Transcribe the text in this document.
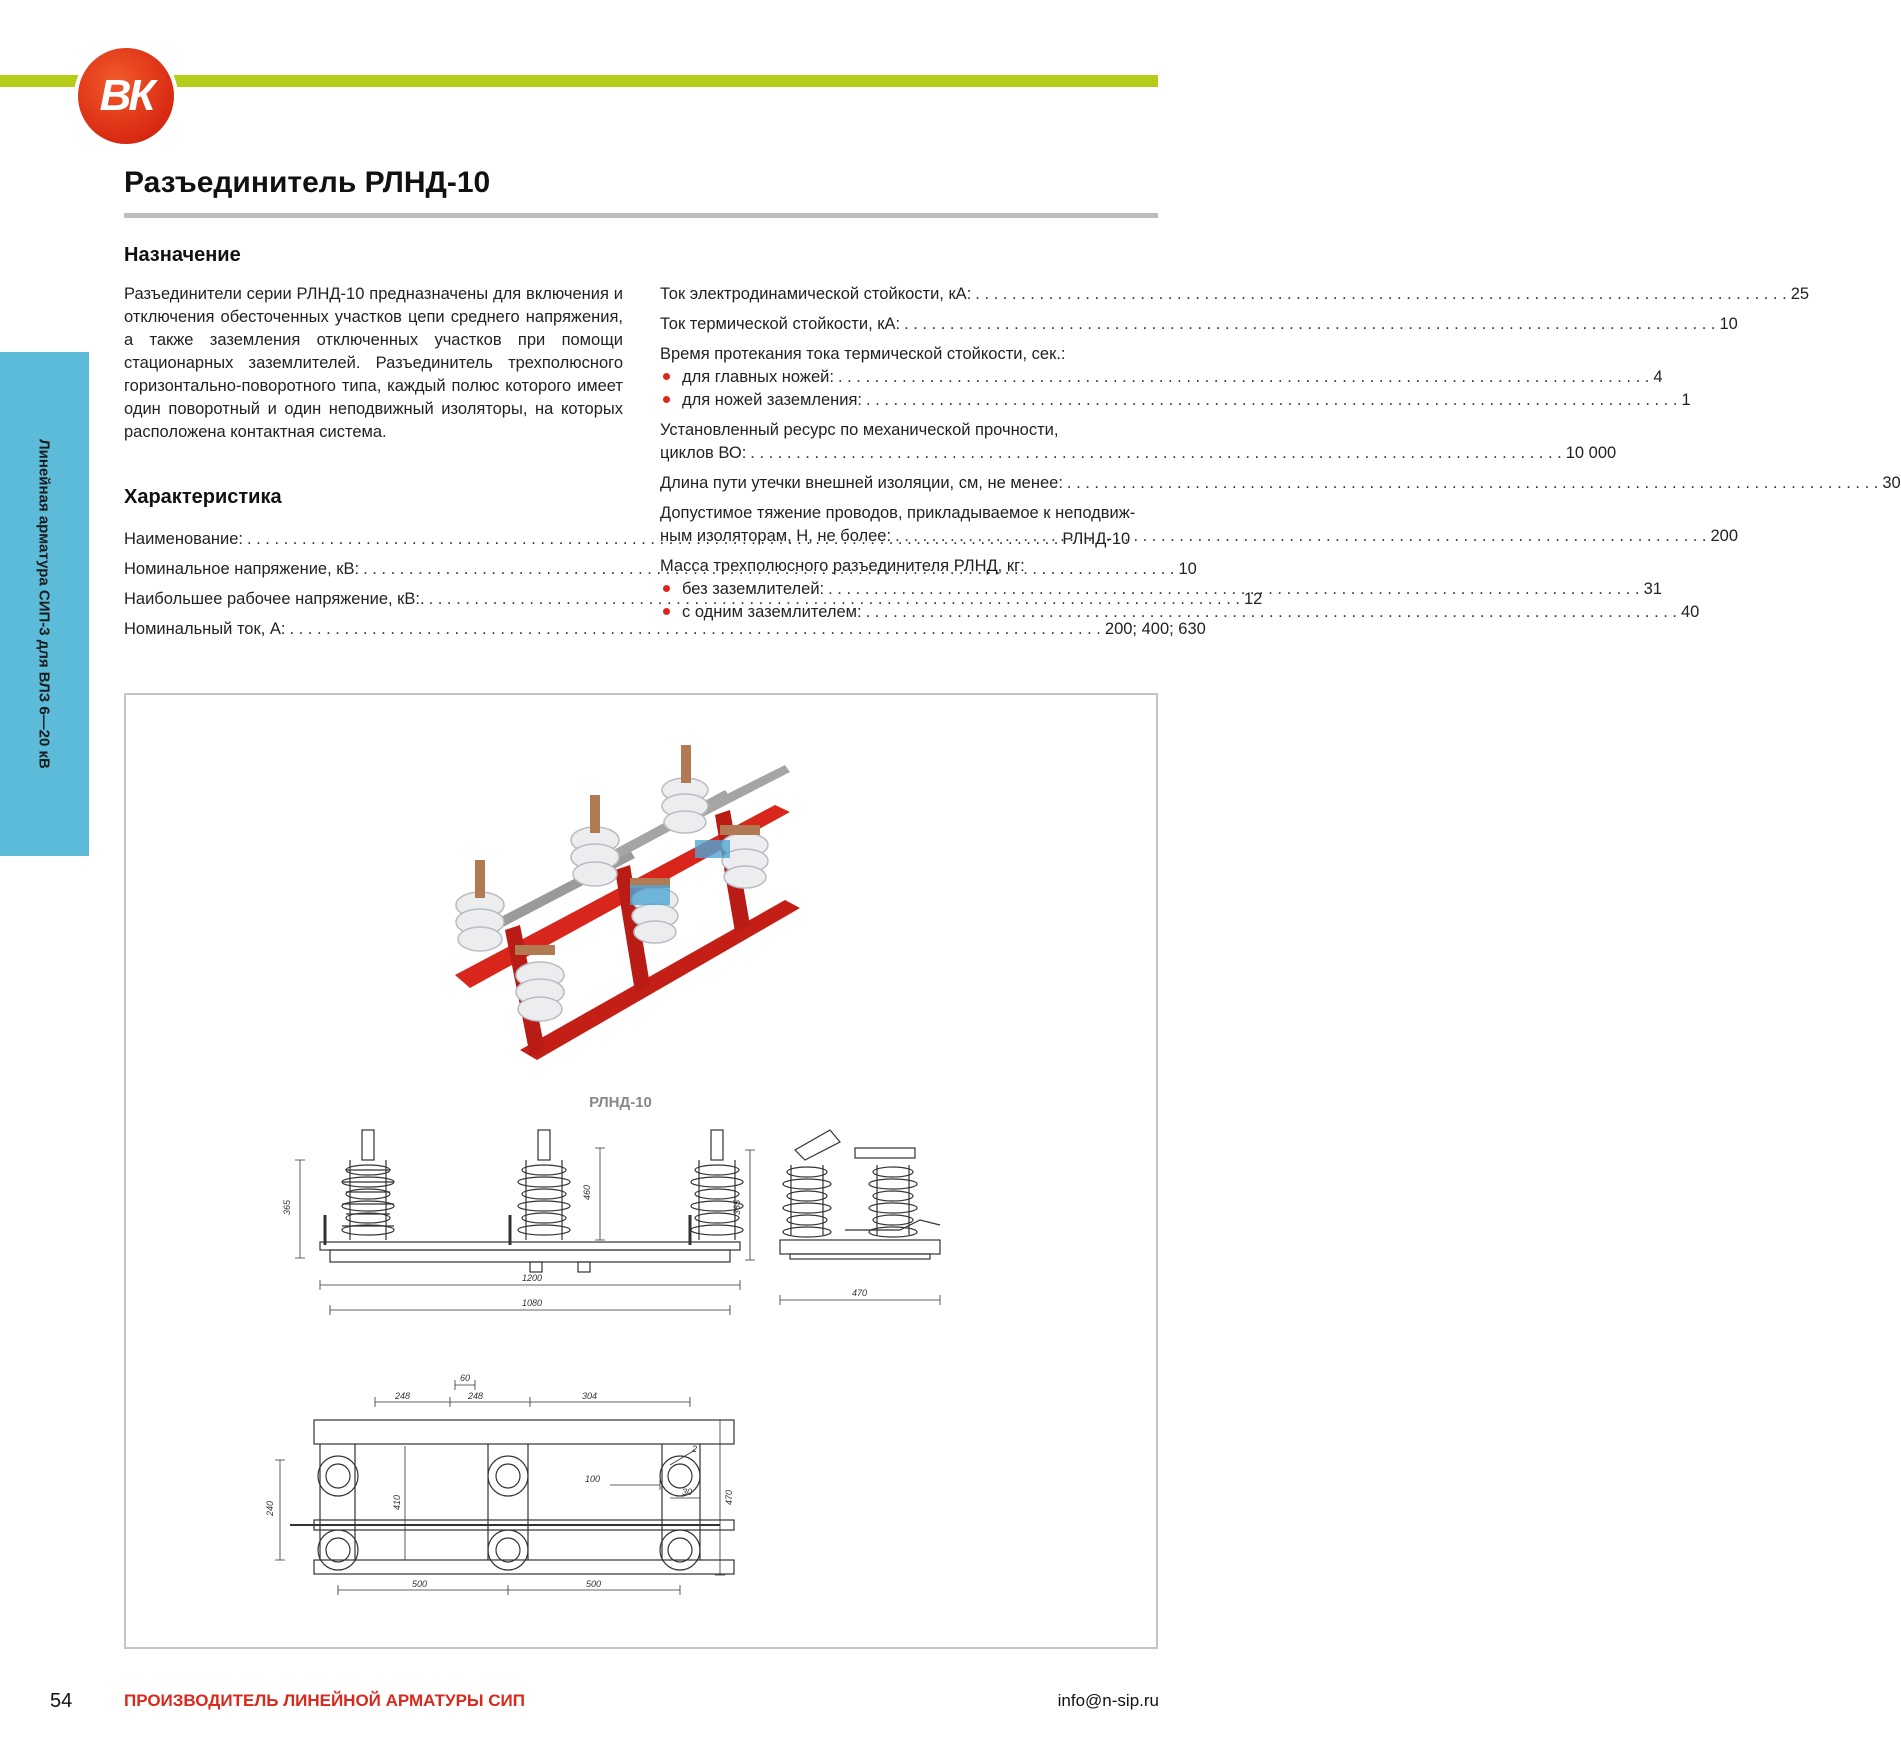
ВК
Разъединитель РЛНД-10
Линейная арматура СИП-3 для ВЛЗ 6—20 кВ
Назначение
Разъединители серии РЛНД-10 предназначены для включения и отключения обесточенных участков цепи среднего напряжения, а также заземления отключенных участков при помощи стационарных заземлителей. Разъединитель трехполюсного горизонтально-поворотного типа, каждый полюс которого имеет один поворотный и один неподвижный изоляторы, на которых расположена контактная система.
Характеристика
Наименование: . . .	РЛНД-10
Номинальное напряжение, кВ: . . .	10
Наибольшее рабочее напряжение, кВ:. . . .	12
Номинальный ток, А: . . .	200; 400; 630
Ток электродинамической стойкости, кА: . . .	25
Ток термической стойкости, кА: . . .	10
Время протекания тока термической стойкости, сек.:
для главных ножей: . . .	4
для ножей заземления: . . .	1
Установленный ресурс по механической прочности,
циклов ВО: . . .	10 000
Длина пути утечки внешней изоляции, см, не менее: . . .	30
Допустимое тяжение проводов, прикладываемое к неподвиж-
ным изоляторам, Н, не более: . . .	200
Масса трехполюсного разъединителя РЛНД, кг:
без заземлителей: . . .	31
с одним заземлителем: . . .	40
РЛНД-10
365
460
1200
1080
365
470
60
248	248	304
2
100
30
240	410	470
500	500
54	ПРОИЗВОДИТЕЛЬ ЛИНЕЙНОЙ АРМАТУРЫ СИП	info@n-sip.ru
